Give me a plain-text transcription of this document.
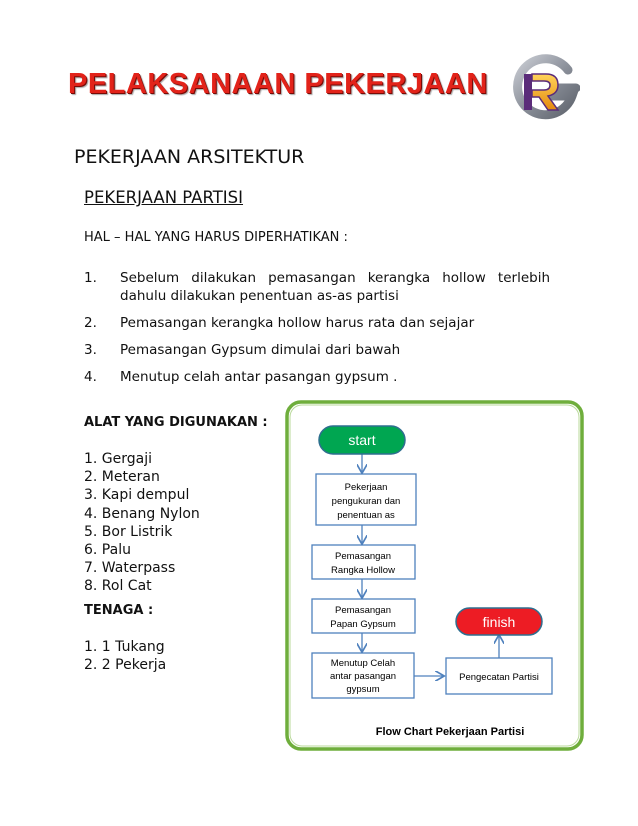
PELAKSANAAN PEKERJAAN
PEKERJAAN ARSITEKTUR
PEKERJAAN PARTISI
HAL – HAL YANG HARUS DIPERHATIKAN :
1. Sebelum dilakukan pemasangan kerangka hollow terlebih dahulu dilakukan penentuan as-as partisi
2. Pemasangan kerangka hollow harus rata dan sejajar
3. Pemasangan Gypsum dimulai dari bawah
4. Menutup celah antar pasangan gypsum .
ALAT YANG DIGUNAKAN :
1. Gergaji
2. Meteran
3. Kapi dempul
4. Benang Nylon
5. Bor Listrik
6. Palu
7. Waterpass
8. Rol Cat
TENAGA :
1. 1 Tukang
2. 2 Pekerja
start
Pekerjaan
pengukuran dan
penentuan as
Pemasangan
Rangka Hollow
Pemasangan
Papan Gypsum
Menutup Celah
antar pasangan
gypsum
Pengecatan Partisi
finish
Flow Chart Pekerjaan Partisi
